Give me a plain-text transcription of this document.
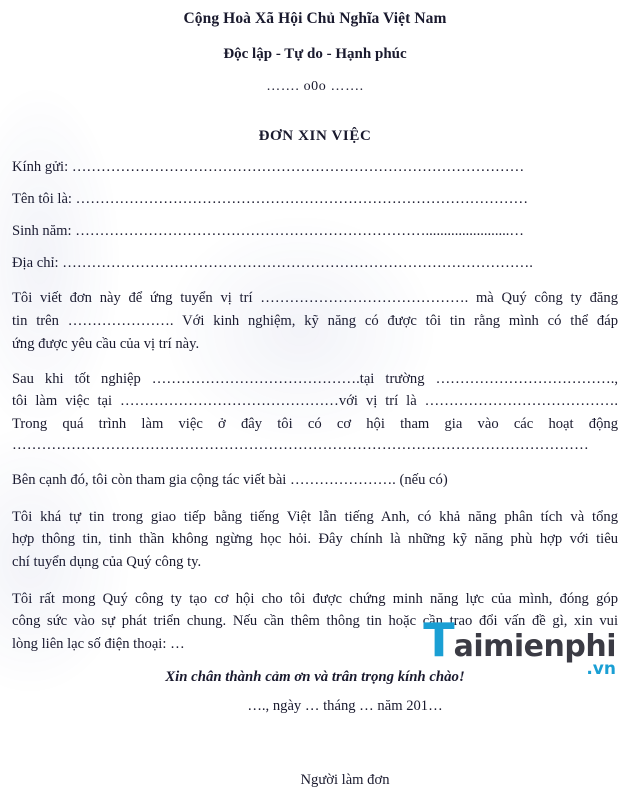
Cộng Hoà Xã Hội Chủ Nghĩa Việt Nam
Độc lập - Tự do - Hạnh phúc
……. o0o …….
ĐƠN XIN VIỆC
Kính gửi: …………………………………………………………………………………
Tên tôi là: …………………………………………………………………………………
Sinh năm: ……………………………………………………………….......................…
Địa chỉ: …………………………………………………………………………………….
Tôi viết đơn này để ứng tuyển vị trí ……………………………………. mà Quý công ty đăng
tin trên …………………. Với kinh nghiệm, kỹ năng có được tôi tin rằng mình có thể đáp
ứng được yêu cầu của vị trí này.
Sau khi tốt nghiệp …………………………………….tại trường ……………………………….,
tôi làm việc tại ………………………………………với vị trí là ………………………………….
Trong quá trình làm việc ở đây tôi có cơ hội tham gia vào các hoạt động
………………………………………………………………………………………………………
Bên cạnh đó, tôi còn tham gia cộng tác viết bài …………………. (nếu có)
Tôi khá tự tin trong giao tiếp bằng tiếng Việt lẫn tiếng Anh, có khả năng phân tích và tổng
hợp thông tin, tinh thần không ngừng học hỏi. Đây chính là những kỹ năng phù hợp với tiêu
chí tuyển dụng của Quý công ty.
Tôi rất mong Quý công ty tạo cơ hội cho tôi được chứng minh năng lực của mình, đóng góp
công sức vào sự phát triển chung. Nếu cần thêm thông tin hoặc cần trao đổi vấn đề gì, xin vui
lòng liên lạc số điện thoại: …
Xin chân thành cảm ơn và trân trọng kính chào!
…., ngày … tháng … năm 201…
Người làm đơn
T aimienphi
.vn
